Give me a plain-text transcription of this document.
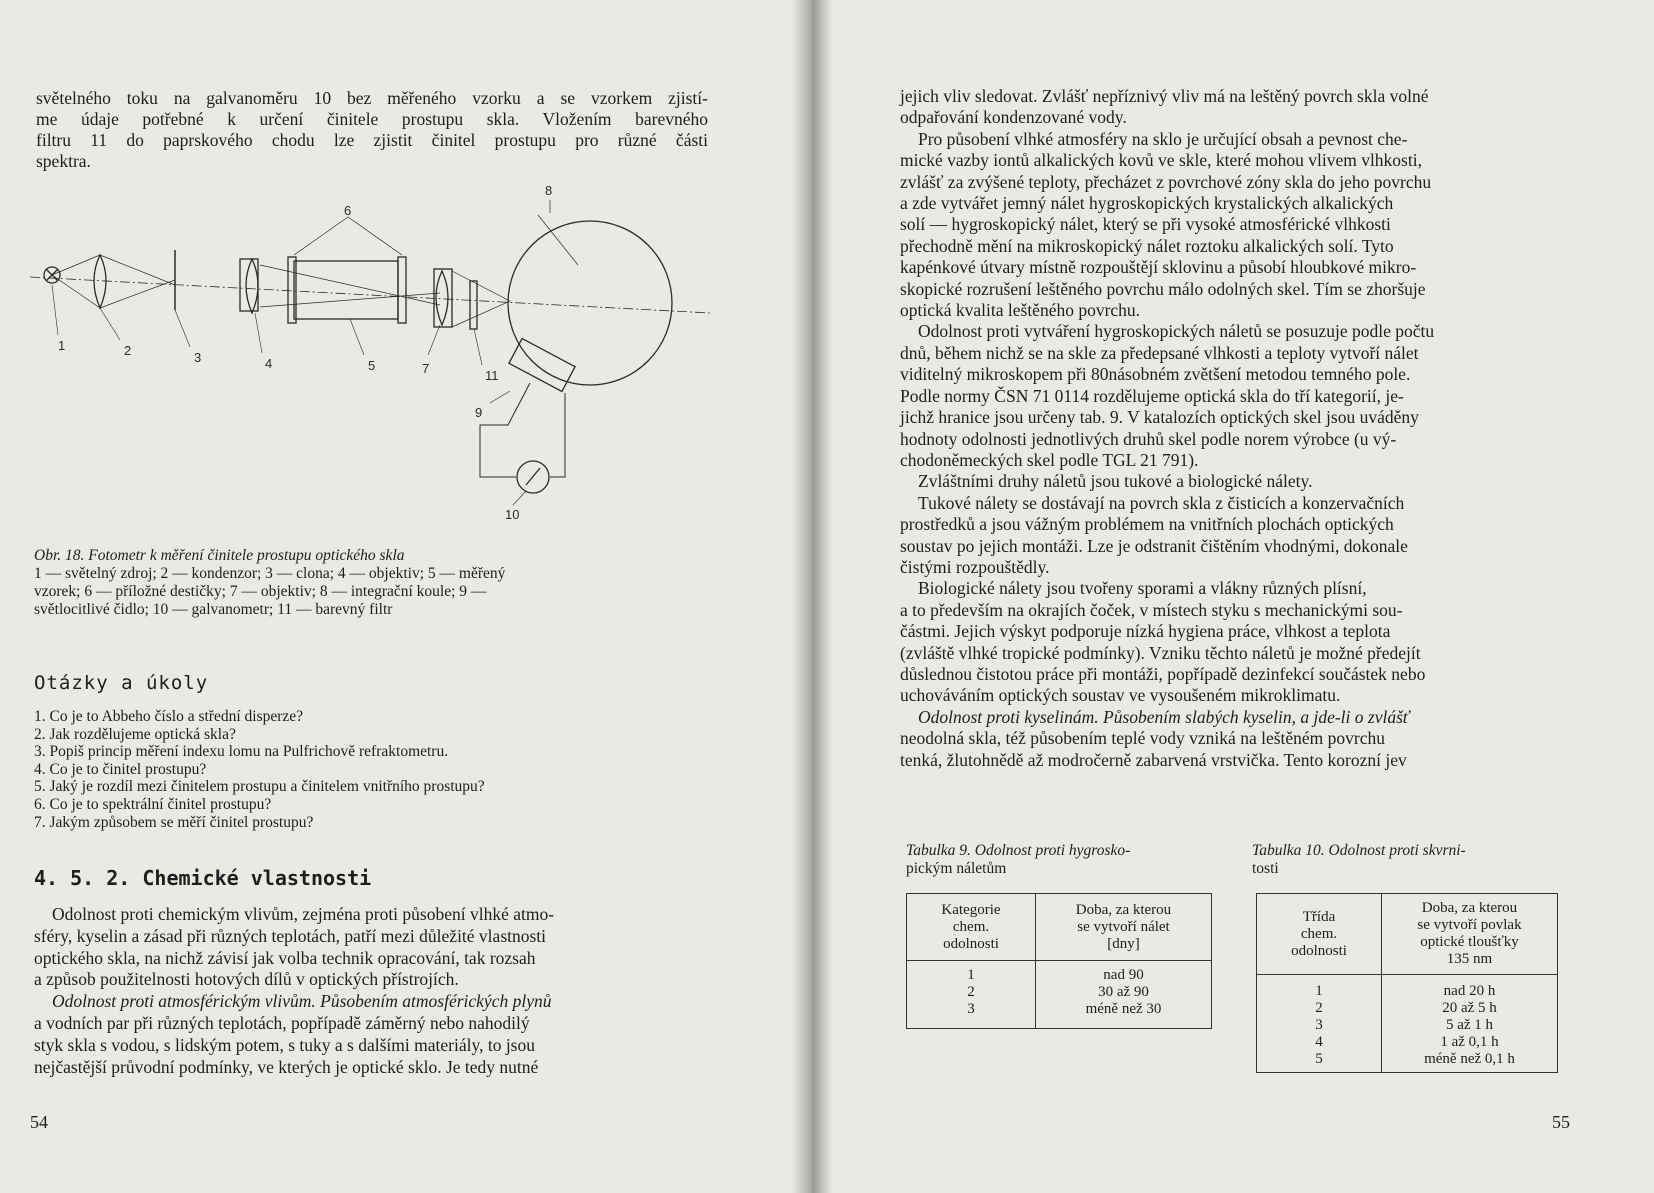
světelného toku na galvanoměru 10 bez měřeného vzorku a se vzorkem zjistí-
me údaje potřebné k určení činitele prostupu skla. Vložením barevného
filtru 11 do paprskového chodu lze zjistit činitel prostupu pro různé části
spektra.
1	2	3	4	5
6
7
8
9
10
11
Obr. 18. Fotometr k měření činitele prostupu optického skla
1 — světelný zdroj; 2 — kondenzor; 3 — clona; 4 — objektiv; 5 — měřený
vzorek; 6 — příložné destičky; 7 — objektiv; 8 — integrační koule; 9 —
světlocitlivé čidlo; 10 — galvanometr; 11 — barevný filtr
Otázky a úkoly
1. Co je to Abbeho číslo a střední disperze?
2. Jak rozdělujeme optická skla?
3. Popiš princip měření indexu lomu na Pulfrichově refraktometru.
4. Co je to činitel prostupu?
5. Jaký je rozdíl mezi činitelem prostupu a činitelem vnitřního prostupu?
6. Co je to spektrální činitel prostupu?
7. Jakým způsobem se měří činitel prostupu?
4. 5. 2. Chemické vlastnosti
Odolnost proti chemickým vlivům, zejména proti působení vlhké atmo-
sféry, kyselin a zásad při různých teplotách, patří mezi důležité vlastnosti
optického skla, na nichž závisí jak volba technik opracování, tak rozsah
a způsob použitelnosti hotových dílů v optických přístrojích.
Odolnost proti atmosférickým vlivům. Působením atmosférických plynů
a vodních par při různých teplotách, popřípadě záměrný nebo nahodilý
styk skla s vodou, s lidským potem, s tuky a s dalšími materiály, to jsou
nejčastější průvodní podmínky, ve kterých je optické sklo. Je tedy nutné
54
jejich vliv sledovat. Zvlášť nepříznivý vliv má na leštěný povrch skla volné
odpařování kondenzované vody.
Pro působení vlhké atmosféry na sklo je určující obsah a pevnost che-
mické vazby iontů alkalických kovů ve skle, které mohou vlivem vlhkosti,
zvlášť za zvýšené teploty, přecházet z povrchové zóny skla do jeho povrchu
a zde vytvářet jemný nálet hygroskopických krystalických alkalických
solí — hygroskopický nálet, který se při vysoké atmosférické vlhkosti
přechodně mění na mikroskopický nálet roztoku alkalických solí. Tyto
kapénkové útvary místně rozpouštějí sklovinu a působí hloubkové mikro-
skopické rozrušení leštěného povrchu málo odolných skel. Tím se zhoršuje
optická kvalita leštěného povrchu.
Odolnost proti vytváření hygroskopických náletů se posuzuje podle počtu
dnů, během nichž se na skle za předepsané vlhkosti a teploty vytvoří nálet
viditelný mikroskopem při 80násobném zvětšení metodou temného pole.
Podle normy ČSN 71 0114 rozdělujeme optická skla do tří kategorií, je-
jichž hranice jsou určeny tab. 9. V katalozích optických skel jsou uváděny
hodnoty odolnosti jednotlivých druhů skel podle norem výrobce (u vý-
chodoněmeckých skel podle TGL 21 791).
Zvláštními druhy náletů jsou tukové a biologické nálety.
Tukové nálety se dostávají na povrch skla z čisticích a konzervačních
prostředků a jsou vážným problémem na vnitřních plochách optických
soustav po jejich montáži. Lze je odstranit čištěním vhodnými, dokonale
čistými rozpouštědly.
Biologické nálety jsou tvořeny sporami a vlákny různých plísní,
a to především na okrajích čoček, v místech styku s mechanickými sou-
částmi. Jejich výskyt podporuje nízká hygiena práce, vlhkost a teplota
(zvláště vlhké tropické podmínky). Vzniku těchto náletů je možné předejít
důslednou čistotou práce při montáži, popřípadě dezinfekcí součástek nebo
uchováváním optických soustav ve vysoušeném mikroklimatu.
Odolnost proti kyselinám. Působením slabých kyselin, a jde-li o zvlášť
neodolná skla, též působením teplé vody vzniká na leštěném povrchu
tenká, žlutohnědě až modročerně zabarvená vrstvička. Tento korozní jev
Tabulka 9. Odolnost proti hygrosko-
pickým náletům
Kategorie
chem.
odolnosti	Doba, za kterou
se vytvoří nálet
[dny]

1	nad 90
2	30 až 90
3	méně než 30
Tabulka 10. Odolnost proti skvrni-
tosti
Třída
chem.
odolnosti	Doba, za kterou
se vytvoří povlak
optické tloušťky
135 nm

1	nad 20 h
2	20 až 5 h
3	5 až 1 h
4	1 až 0,1 h
5	méně než 0,1 h
55
